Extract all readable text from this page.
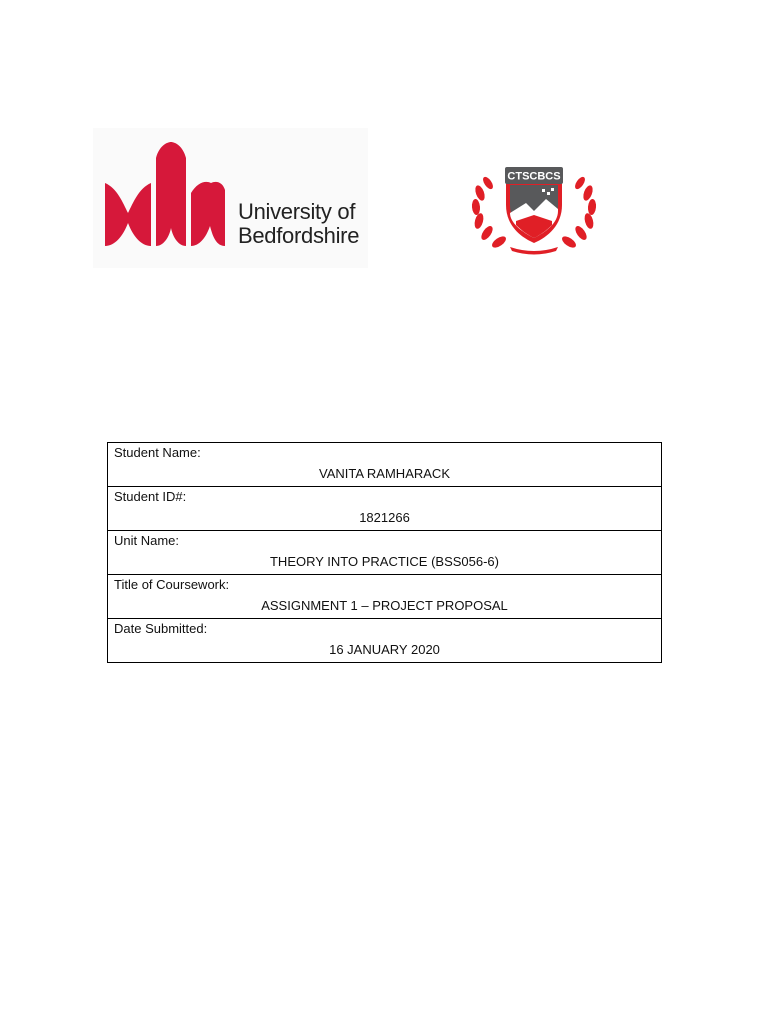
University of
Bedfordshire
CTSCBCS
Student Name:
VANITA RAMHARACK

Student ID#:
1821266

Unit Name:
THEORY INTO PRACTICE (BSS056-6)

Title of Coursework:
ASSIGNMENT 1 – PROJECT PROPOSAL

Date Submitted:
16 JANUARY 2020
